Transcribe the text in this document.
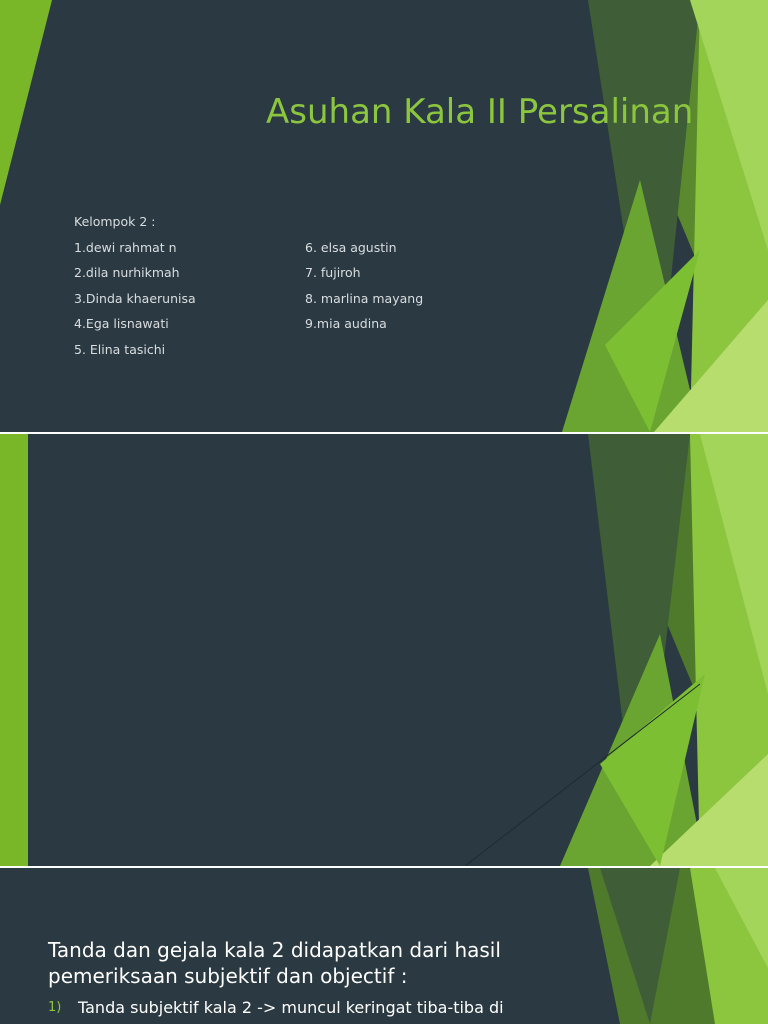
Asuhan Kala II Persalinan
Kelompok 2 :
1.dewi rahmat n
2.dila nurhikmah
3.Dinda khaerunisa
4.Ega lisnawati
5. Elina tasichi
6. elsa agustin
7. fujiroh
8. marlina mayang
9.mia audina

Tanda dan gejala kala 2 didapatkan dari hasil pemeriksaan subjektif dan objectif :
1) Tanda subjektif kala 2 -> muncul keringat tiba-tiba di
